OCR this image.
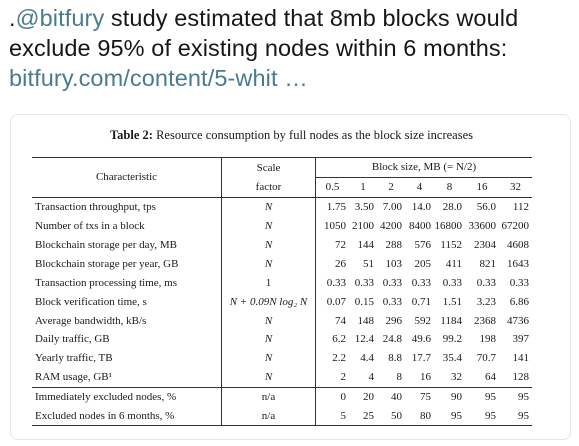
.@bitfury study estimated that 8mb blocks would exclude 95% of existing nodes within 6 months: bitfury.com/content/5-whit …
Table 2: Resource consumption by full nodes as the block size increases
Characteristic	Scale	Block size, MB (= N/2)						
	factor	0.5	1	2	4	8	16	32
Transaction throughput, tps	N	1.75	3.50	7.00	14.0	28.0	56.0	112
Number of txs in a block	N	1050	2100	4200	8400	16800	33600	67200
Blockchain storage per day, MB	N	72	144	288	576	1152	2304	4608
Blockchain storage per year, GB	N	26	51	103	205	411	821	1643
Transaction processing time, ms	1	0.33	0.33	0.33	0.33	0.33	0.33	0.33
Block verification time, s	N + 0.09N log₂ N	0.07	0.15	0.33	0.71	1.51	3.23	6.86
Average bandwidth, kB/s	N	74	148	296	592	1184	2368	4736
Daily traffic, GB	N	6.2	12.4	24.8	49.6	99.2	198	397
Yearly traffic, TB	N	2.2	4.4	8.8	17.7	35.4	70.7	141
RAM usage, GB¹	N	2	4	8	16	32	64	128
Immediately excluded nodes, %	n/a	0	20	40	75	90	95	95
Excluded nodes in 6 months, %	n/a	5	25	50	80	95	95	95
